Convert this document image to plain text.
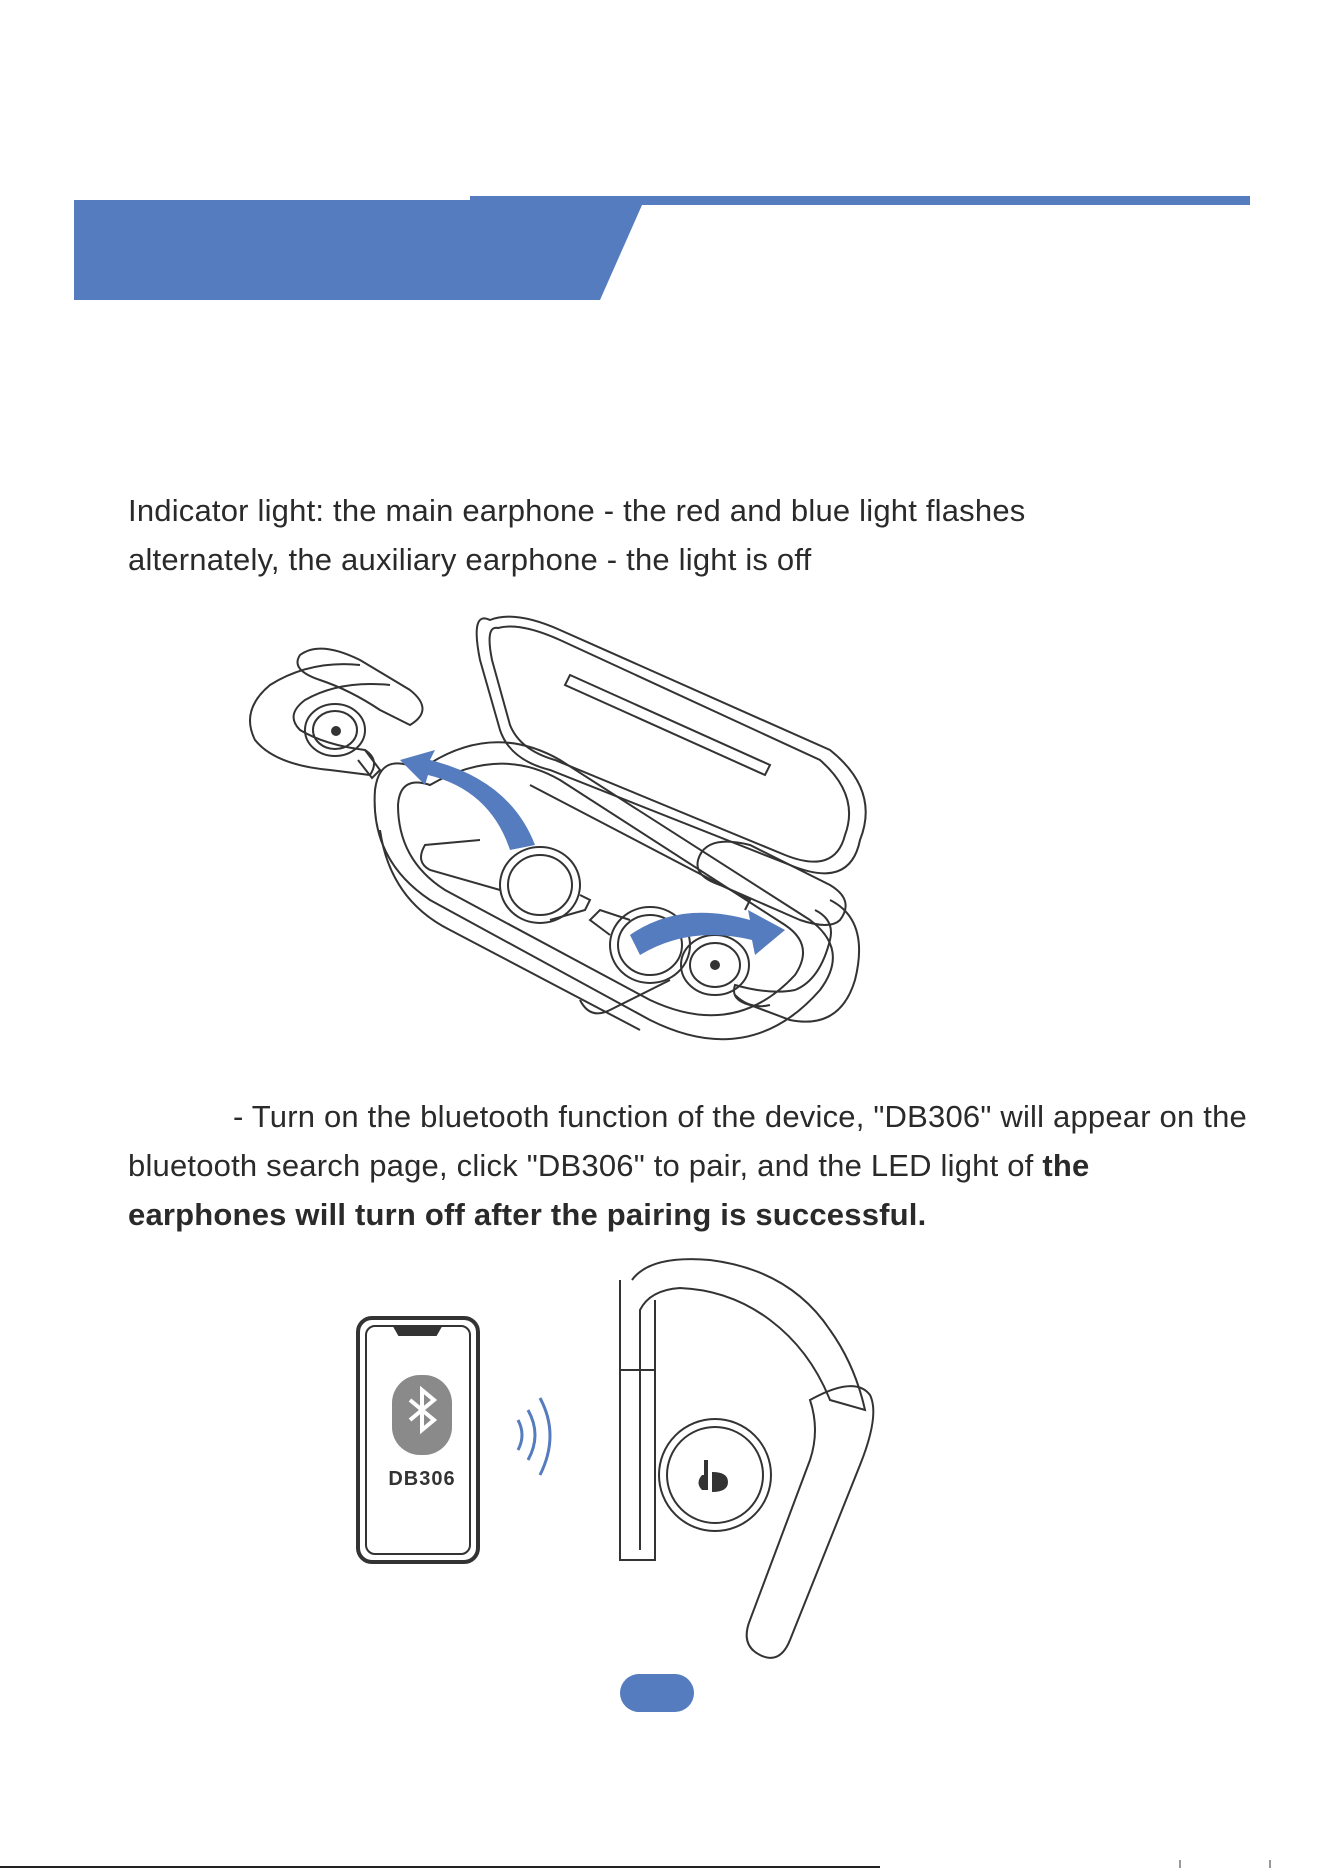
Indicator light: the main earphone - the red and blue light flashes alternately, the auxiliary earphone - the light is off
- Turn on the bluetooth function of the device, "DB306" will appear on the bluetooth search page, click "DB306" to pair, and the LED light of the earphones will turn off after the pairing is successful.
DB306
